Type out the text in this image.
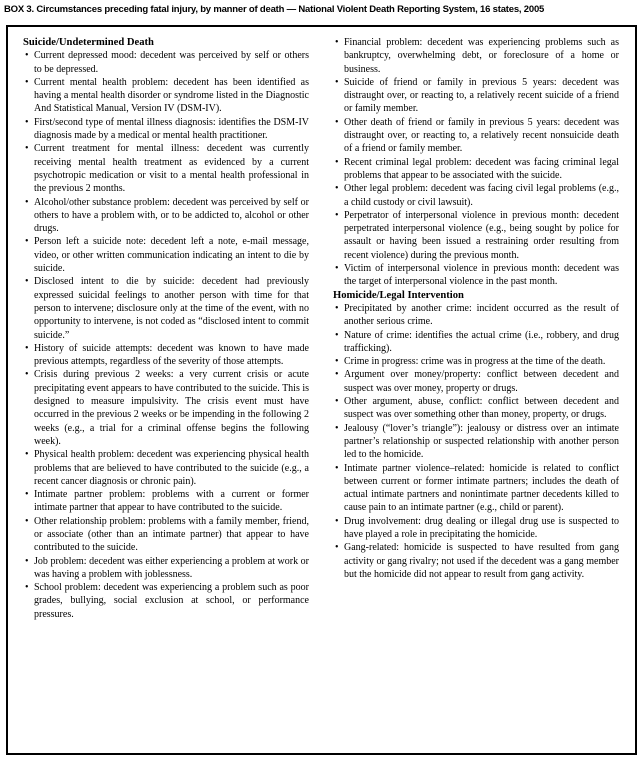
BOX 3. Circumstances preceding fatal injury, by manner of death — National Violent Death Reporting System, 16 states, 2005
Suicide/Undetermined Death
• Current depressed mood: decedent was perceived by self or others to be depressed.
• Current mental health problem: decedent has been identified as having a mental health disorder or syndrome listed in the Diagnostic And Statistical Manual, Version IV (DSM-IV).
• First/second type of mental illness diagnosis: identifies the DSM-IV diagnosis made by a medical or mental health practitioner.
• Current treatment for mental illness: decedent was currently receiving mental health treatment as evidenced by a current psychotropic medication or visit to a mental health professional in the previous 2 months.
• Alcohol/other substance problem: decedent was perceived by self or others to have a problem with, or to be addicted to, alcohol or other drugs.
• Person left a suicide note: decedent left a note, e-mail message, video, or other written communication indicating an intent to die by suicide.
• Disclosed intent to die by suicide: decedent had previously expressed suicidal feelings to another person with time for that person to intervene; disclosure only at the time of the event, with no opportunity to intervene, is not coded as “disclosed intent to commit suicide.”
• History of suicide attempts: decedent was known to have made previous attempts, regardless of the severity of those attempts.
• Crisis during previous 2 weeks: a very current crisis or acute precipitating event appears to have contributed to the suicide. This is designed to measure impulsivity. The crisis event must have occurred in the previous 2 weeks or be impending in the following 2 weeks (e.g., a trial for a criminal offense begins the following week).
• Physical health problem: decedent was experiencing physical health problems that are believed to have contributed to the suicide (e.g., a recent cancer diagnosis or chronic pain).
• Intimate partner problem: problems with a current or former intimate partner that appear to have contributed to the suicide.
• Other relationship problem: problems with a family member, friend, or associate (other than an intimate partner) that appear to have contributed to the suicide.
• Job problem: decedent was either experiencing a problem at work or was having a problem with joblessness.
• School problem: decedent was experiencing a problem such as poor grades, bullying, social exclusion at school, or performance pressures.
• Financial problem: decedent was experiencing problems such as bankruptcy, overwhelming debt, or foreclosure of a home or business.
• Suicide of friend or family in previous 5 years: decedent was distraught over, or reacting to, a relatively recent suicide of a friend or family member.
• Other death of friend or family in previous 5 years: decedent was distraught over, or reacting to, a relatively recent nonsuicide death of a friend or family member.
• Recent criminal legal problem: decedent was facing criminal legal problems that appear to be associated with the suicide.
• Other legal problem: decedent was facing civil legal problems (e.g., a child custody or civil lawsuit).
• Perpetrator of interpersonal violence in previous month: decedent perpetrated interpersonal violence (e.g., being sought by police for assault or having been issued a restraining order resulting from recent violence) during the previous month.
• Victim of interpersonal violence in previous month: decedent was the target of interpersonal violence in the past month.
Homicide/Legal Intervention
• Precipitated by another crime: incident occurred as the result of another serious crime.
• Nature of crime: identifies the actual crime (i.e., robbery, and drug trafficking).
• Crime in progress: crime was in progress at the time of the death.
• Argument over money/property: conflict between decedent and suspect was over money, property or drugs.
• Other argument, abuse, conflict: conflict between decedent and suspect was over something other than money, property, or drugs.
• Jealousy (“lover’s triangle”): jealousy or distress over an intimate partner’s relationship or suspected relationship with another person led to the homicide.
• Intimate partner violence–related: homicide is related to conflict between current or former intimate partners; includes the death of actual intimate partners and nonintimate partner decedents killed to cause pain to an intimate partner (e.g., child or parent).
• Drug involvement: drug dealing or illegal drug use is suspected to have played a role in precipitating the homicide.
• Gang-related: homicide is suspected to have resulted from gang activity or gang rivalry; not used if the decedent was a gang member but the homicide did not appear to result from gang activity.
